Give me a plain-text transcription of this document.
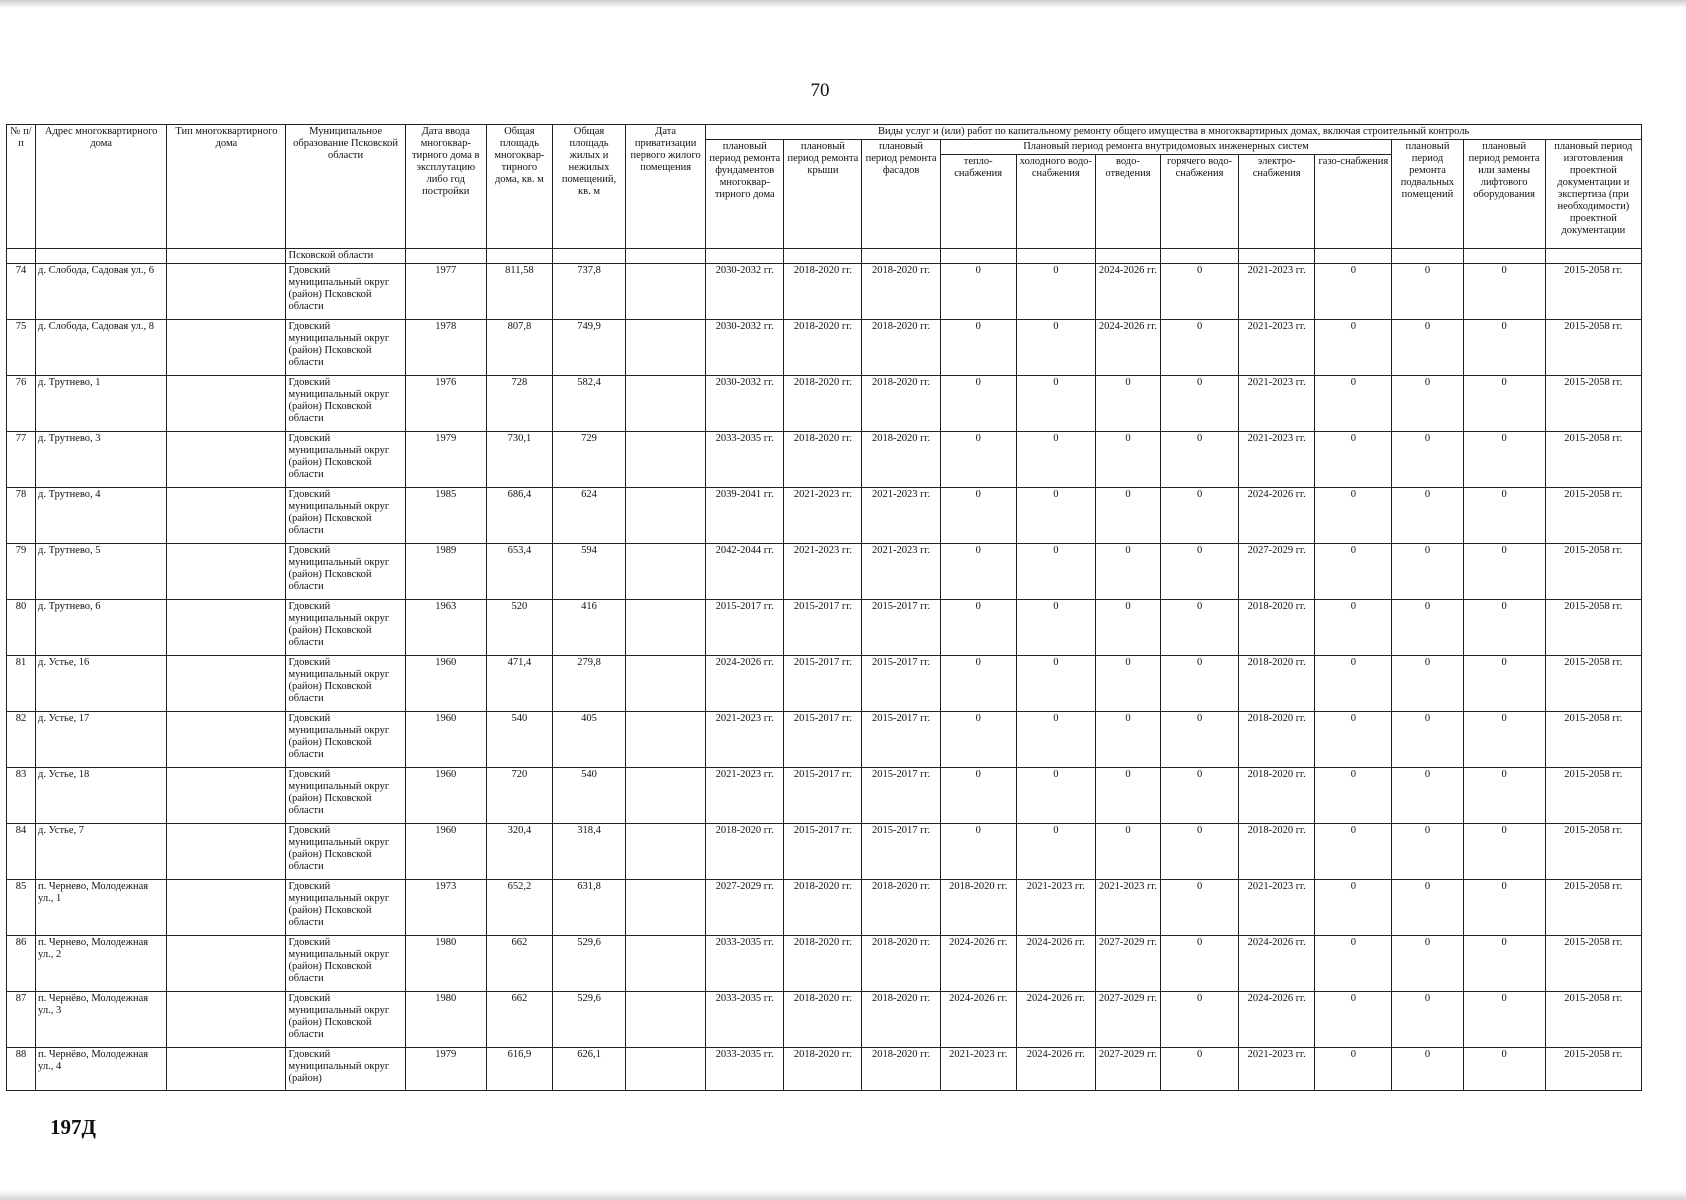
70
№ п/п	Адрес многоквартирного дома	Тип многоквартирного дома	Муниципальное образование Псковской области	Дата ввода многоквар-тирного дома в эксплутацию либо год постройки	Общая площадь многоквар-тирного дома, кв. м	Общая площадь жилых и нежилых помещений, кв. м	Дата приватизации первого жилого помещения	Виды услуг и (или) работ по капитальному ремонту общего имущества в многоквартирных домах, включая строительный контроль											
								плановый период ремонта фундаментов многоквар-тирного дома	плановый период ремонта крыши	плановый период ремонта фасадов	Плановый период ремонта внутридомовых инженерных систем						плановый период ремонта подвальных помещений	плановый период ремонта или замены лифтового оборудования	плановый период изготовления проектной документации и экспертиза (при необходимости) проектной документации
											тепло-снабжения	холодного водо-снабжения	водо-отведения	горячего водо-снабжения	электро-снабжения	газо-снабжения			
			Псковской области																
74	д. Слобода, Садовая ул., 6		Гдовский муниципальный округ (район) Псковской области	1977	811,58	737,8		2030-2032 гг.	2018-2020 гг.	2018-2020 гг.	0	0	2024-2026 гг.	0	2021-2023 гг.	0	0	0	2015-2058 гг.
75	д. Слобода, Садовая ул., 8		Гдовский муниципальный округ (район) Псковской области	1978	807,8	749,9		2030-2032 гг.	2018-2020 гг.	2018-2020 гг.	0	0	2024-2026 гг.	0	2021-2023 гг.	0	0	0	2015-2058 гг.
76	д. Трутнево, 1		Гдовский муниципальный округ (район) Псковской области	1976	728	582,4		2030-2032 гг.	2018-2020 гг.	2018-2020 гг.	0	0	0	0	2021-2023 гг.	0	0	0	2015-2058 гг.
77	д. Трутнево, 3		Гдовский муниципальный округ (район) Псковской области	1979	730,1	729		2033-2035 гг.	2018-2020 гг.	2018-2020 гг.	0	0	0	0	2021-2023 гг.	0	0	0	2015-2058 гг.
78	д. Трутнево, 4		Гдовский муниципальный округ (район) Псковской области	1985	686,4	624		2039-2041 гг.	2021-2023 гг.	2021-2023 гг.	0	0	0	0	2024-2026 гг.	0	0	0	2015-2058 гг.
79	д. Трутнево, 5		Гдовский муниципальный округ (район) Псковской области	1989	653,4	594		2042-2044 гг.	2021-2023 гг.	2021-2023 гг.	0	0	0	0	2027-2029 гг.	0	0	0	2015-2058 гг.
80	д. Трутнево, 6		Гдовский муниципальный округ (район) Псковской области	1963	520	416		2015-2017 гг.	2015-2017 гг.	2015-2017 гг.	0	0	0	0	2018-2020 гг.	0	0	0	2015-2058 гг.
81	д. Устье, 16		Гдовский муниципальный округ (район) Псковской области	1960	471,4	279,8		2024-2026 гг.	2015-2017 гг.	2015-2017 гг.	0	0	0	0	2018-2020 гг.	0	0	0	2015-2058 гг.
82	д. Устье, 17		Гдовский муниципальный округ (район) Псковской области	1960	540	405		2021-2023 гг.	2015-2017 гг.	2015-2017 гг.	0	0	0	0	2018-2020 гг.	0	0	0	2015-2058 гг.
83	д. Устье, 18		Гдовский муниципальный округ (район) Псковской области	1960	720	540		2021-2023 гг.	2015-2017 гг.	2015-2017 гг.	0	0	0	0	2018-2020 гг.	0	0	0	2015-2058 гг.
84	д. Устье, 7		Гдовский муниципальный округ (район) Псковской области	1960	320,4	318,4		2018-2020 гг.	2015-2017 гг.	2015-2017 гг.	0	0	0	0	2018-2020 гг.	0	0	0	2015-2058 гг.
85	п. Чернево, Молодежная ул., 1		Гдовский муниципальный округ (район) Псковской области	1973	652,2	631,8		2027-2029 гг.	2018-2020 гг.	2018-2020 гг.	2018-2020 гг.	2021-2023 гг.	2021-2023 гг.	0	2021-2023 гг.	0	0	0	2015-2058 гг.
86	п. Чернево, Молодежная ул., 2		Гдовский муниципальный округ (район) Псковской области	1980	662	529,6		2033-2035 гг.	2018-2020 гг.	2018-2020 гг.	2024-2026 гг.	2024-2026 гг.	2027-2029 гг.	0	2024-2026 гг.	0	0	0	2015-2058 гг.
87	п. Чернёво, Молодежная ул., 3		Гдовский муниципальный округ (район) Псковской области	1980	662	529,6		2033-2035 гг.	2018-2020 гг.	2018-2020 гг.	2024-2026 гг.	2024-2026 гг.	2027-2029 гг.	0	2024-2026 гг.	0	0	0	2015-2058 гг.
88	п. Чернёво, Молодежная ул., 4		Гдовский муниципальный округ (район)	1979	616,9	626,1		2033-2035 гг.	2018-2020 гг.	2018-2020 гг.	2021-2023 гг.	2024-2026 гг.	2027-2029 гг.	0	2021-2023 гг.	0	0	0	2015-2058 гг.
197Д
